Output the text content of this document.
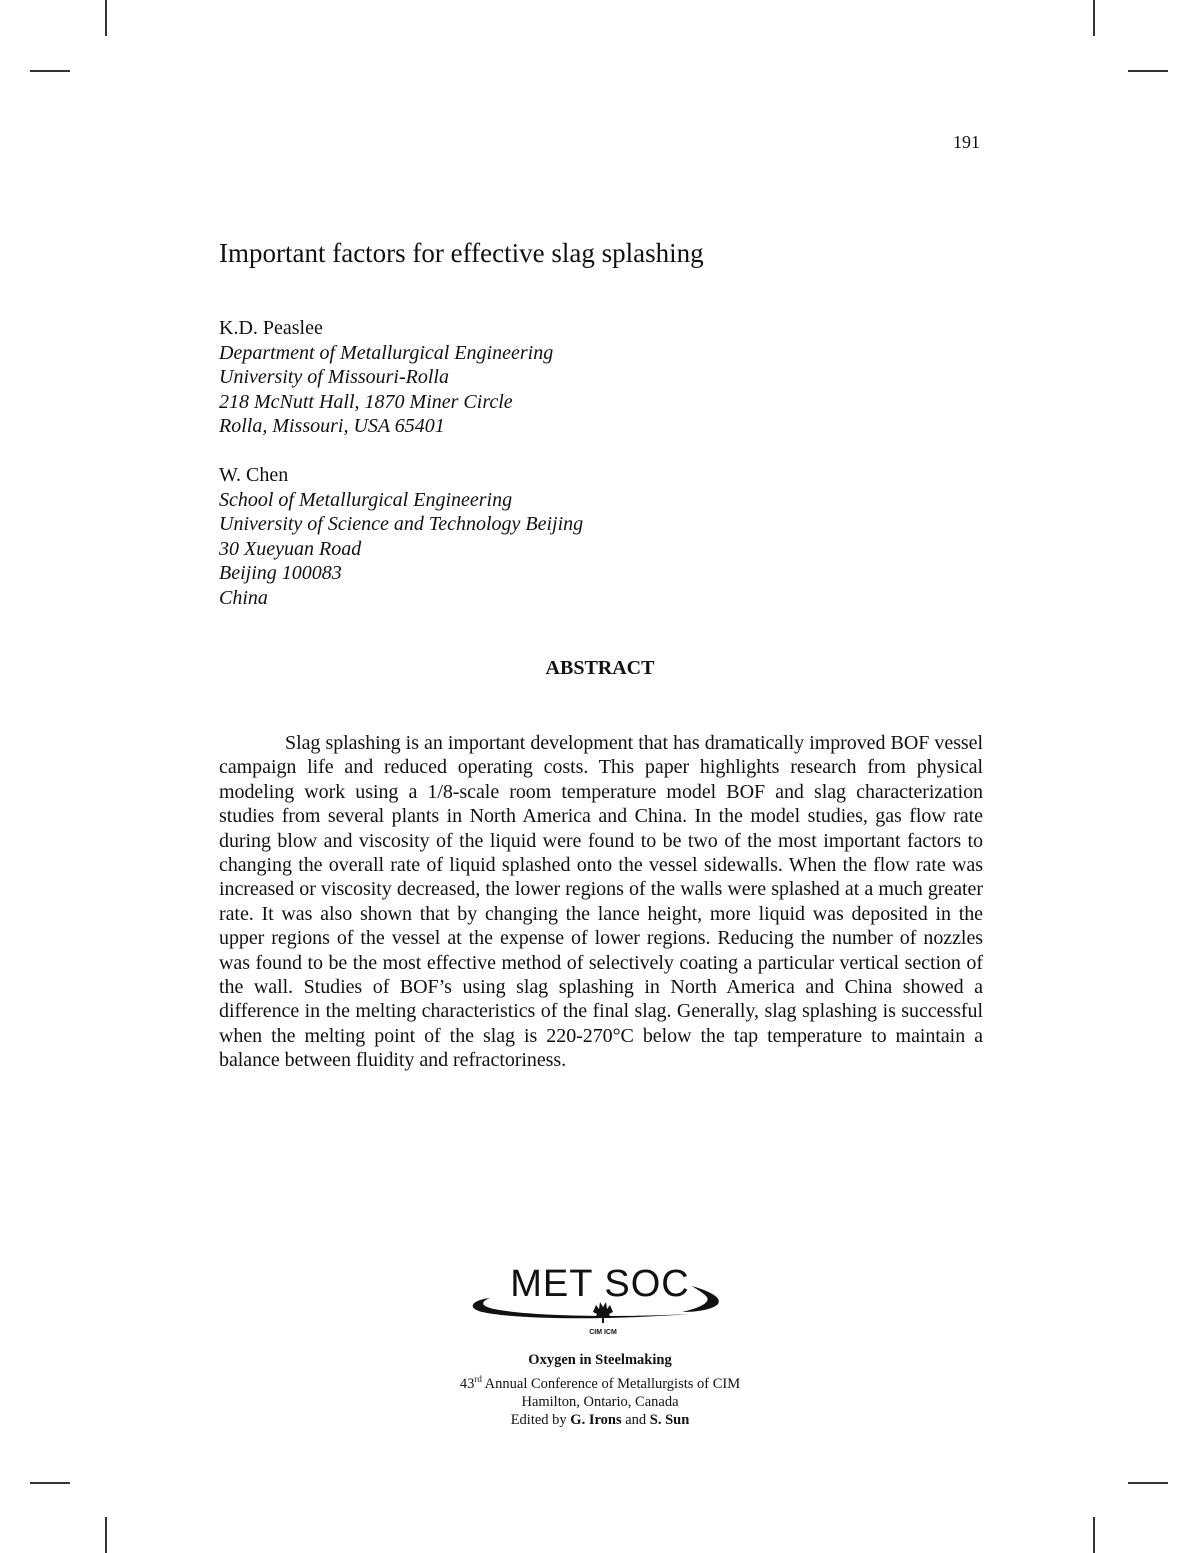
191
Important factors for effective slag splashing
K.D. Peaslee
Department of Metallurgical Engineering
University of Missouri-Rolla
218 McNutt Hall, 1870 Miner Circle
Rolla, Missouri, USA 65401
W. Chen
School of Metallurgical Engineering
University of Science and Technology Beijing
30 Xueyuan Road
Beijing 100083
China
ABSTRACT

Slag splashing is an important development that has dramatically improved BOF vessel campaign life and reduced operating costs. This paper highlights research from physical modeling work using a 1/8-scale room temperature model BOF and slag characterization studies from several plants in North America and China. In the model studies, gas flow rate during blow and viscosity of the liquid were found to be two of the most important factors to changing the overall rate of liquid splashed onto the vessel sidewalls. When the flow rate was increased or viscosity decreased, the lower regions of the walls were splashed at a much greater rate. It was also shown that by changing the lance height, more liquid was deposited in the upper regions of the vessel at the expense of lower regions. Reducing the number of nozzles was found to be the most effective method of selectively coating a particular vertical section of the wall. Studies of BOF’s using slag splashing in North America and China showed a difference in the melting characteristics of the final slag. Generally, slag splashing is successful when the melting point of the slag is 220-270°C below the tap temperature to maintain a balance between fluidity and refractoriness.

MET SOC
CIM ICM
Oxygen in Steelmaking
43rd Annual Conference of Metallurgists of CIM
Hamilton, Ontario, Canada
Edited by G. Irons and S. Sun
